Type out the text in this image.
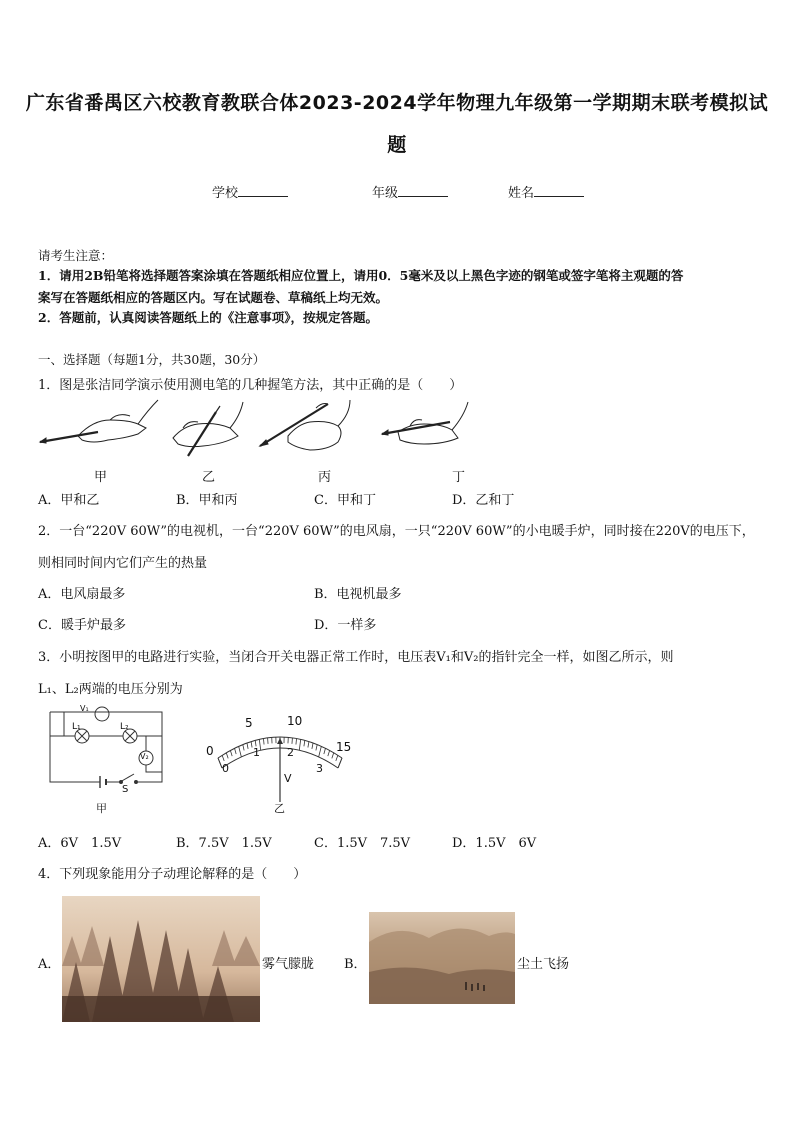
广东省番禺区六校教育教联合体2023-2024学年物理九年级第一学期期末联考模拟试
题
学校	年级	姓名
请考生注意：
1．请用2B铅笔将选择题答案涂填在答题纸相应位置上，请用0．5毫米及以上黑色字迹的钢笔或签字笔将主观题的答
案写在答题纸相应的答题区内。写在试题卷、草稿纸上均无效。
2．答题前，认真阅读答题纸上的《注意事项》，按规定答题。
一、选择题（每题1分，共30题，30分）
1．图是张洁同学演示使用测电笔的几种握笔方法，其中正确的是（　　）
甲	乙	丙	丁
A．甲和乙	B．甲和丙	C．甲和丁	D．乙和丁
2．一台“220V 60W”的电视机，一台“220V 60W”的电风扇，一只“220V 60W”的小电暖手炉，同时接在220V的电压下，
则相同时间内它们产生的热量
A．电风扇最多	B．电视机最多
C．暖手炉最多	D．一样多
3．小明按图甲的电路进行实验，当闭合开关电器正常工作时，电压表V₁和V₂的指针完全一样，如图乙所示，则
L₁、L₂两端的电压分别为
V₁
L₁	L₂
V₂
S
甲
0
5	10
15
0
1 2
3
V
乙
A．6V　1.5V	B．7.5V　1.5V	C．1.5V　7.5V	D．1.5V　6V
4．下列现象能用分子动理论解释的是（　　）
A．	雾气朦胧 B．	尘土飞扬
